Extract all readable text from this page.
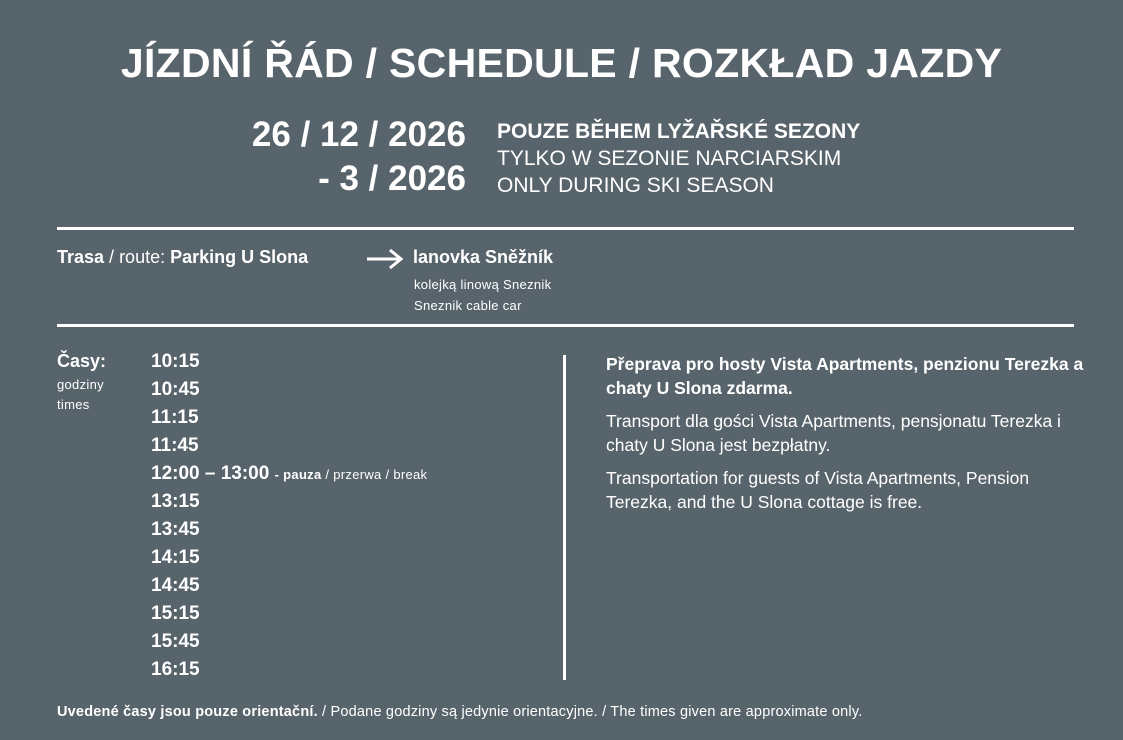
JÍZDNÍ ŘÁD / SCHEDULE / ROZKŁAD JAZDY
26 / 12 / 2026
- 3 / 2026
POUZE BĚHEM LYŽAŘSKÉ SEZONY
TYLKO W SEZONIE NARCIARSKIM
ONLY DURING SKI SEASON
Trasa / route: Parking U Slona	lanovka Sněžník
kolejką linową Sneznik
Sneznik cable car
Časy:
godziny
times
10:15
10:45
11:15
11:45
12:00 – 13:00 - pauza / przerwa / break
13:15
13:45
14:15
14:45
15:15
15:45
16:15

Přeprava pro hosty Vista Apartments, penzionu Terezka a chaty U Slona zdarma.

Transport dla gości Vista Apartments, pensjonatu Terezka i chaty U Slona jest bezpłatny.

Transportation for guests of Vista Apartments, Pension Terezka, and the U Slona cottage is free.

Uvedené časy jsou pouze orientační. / Podane godziny są jedynie orientacyjne. / The times given are approximate only.
